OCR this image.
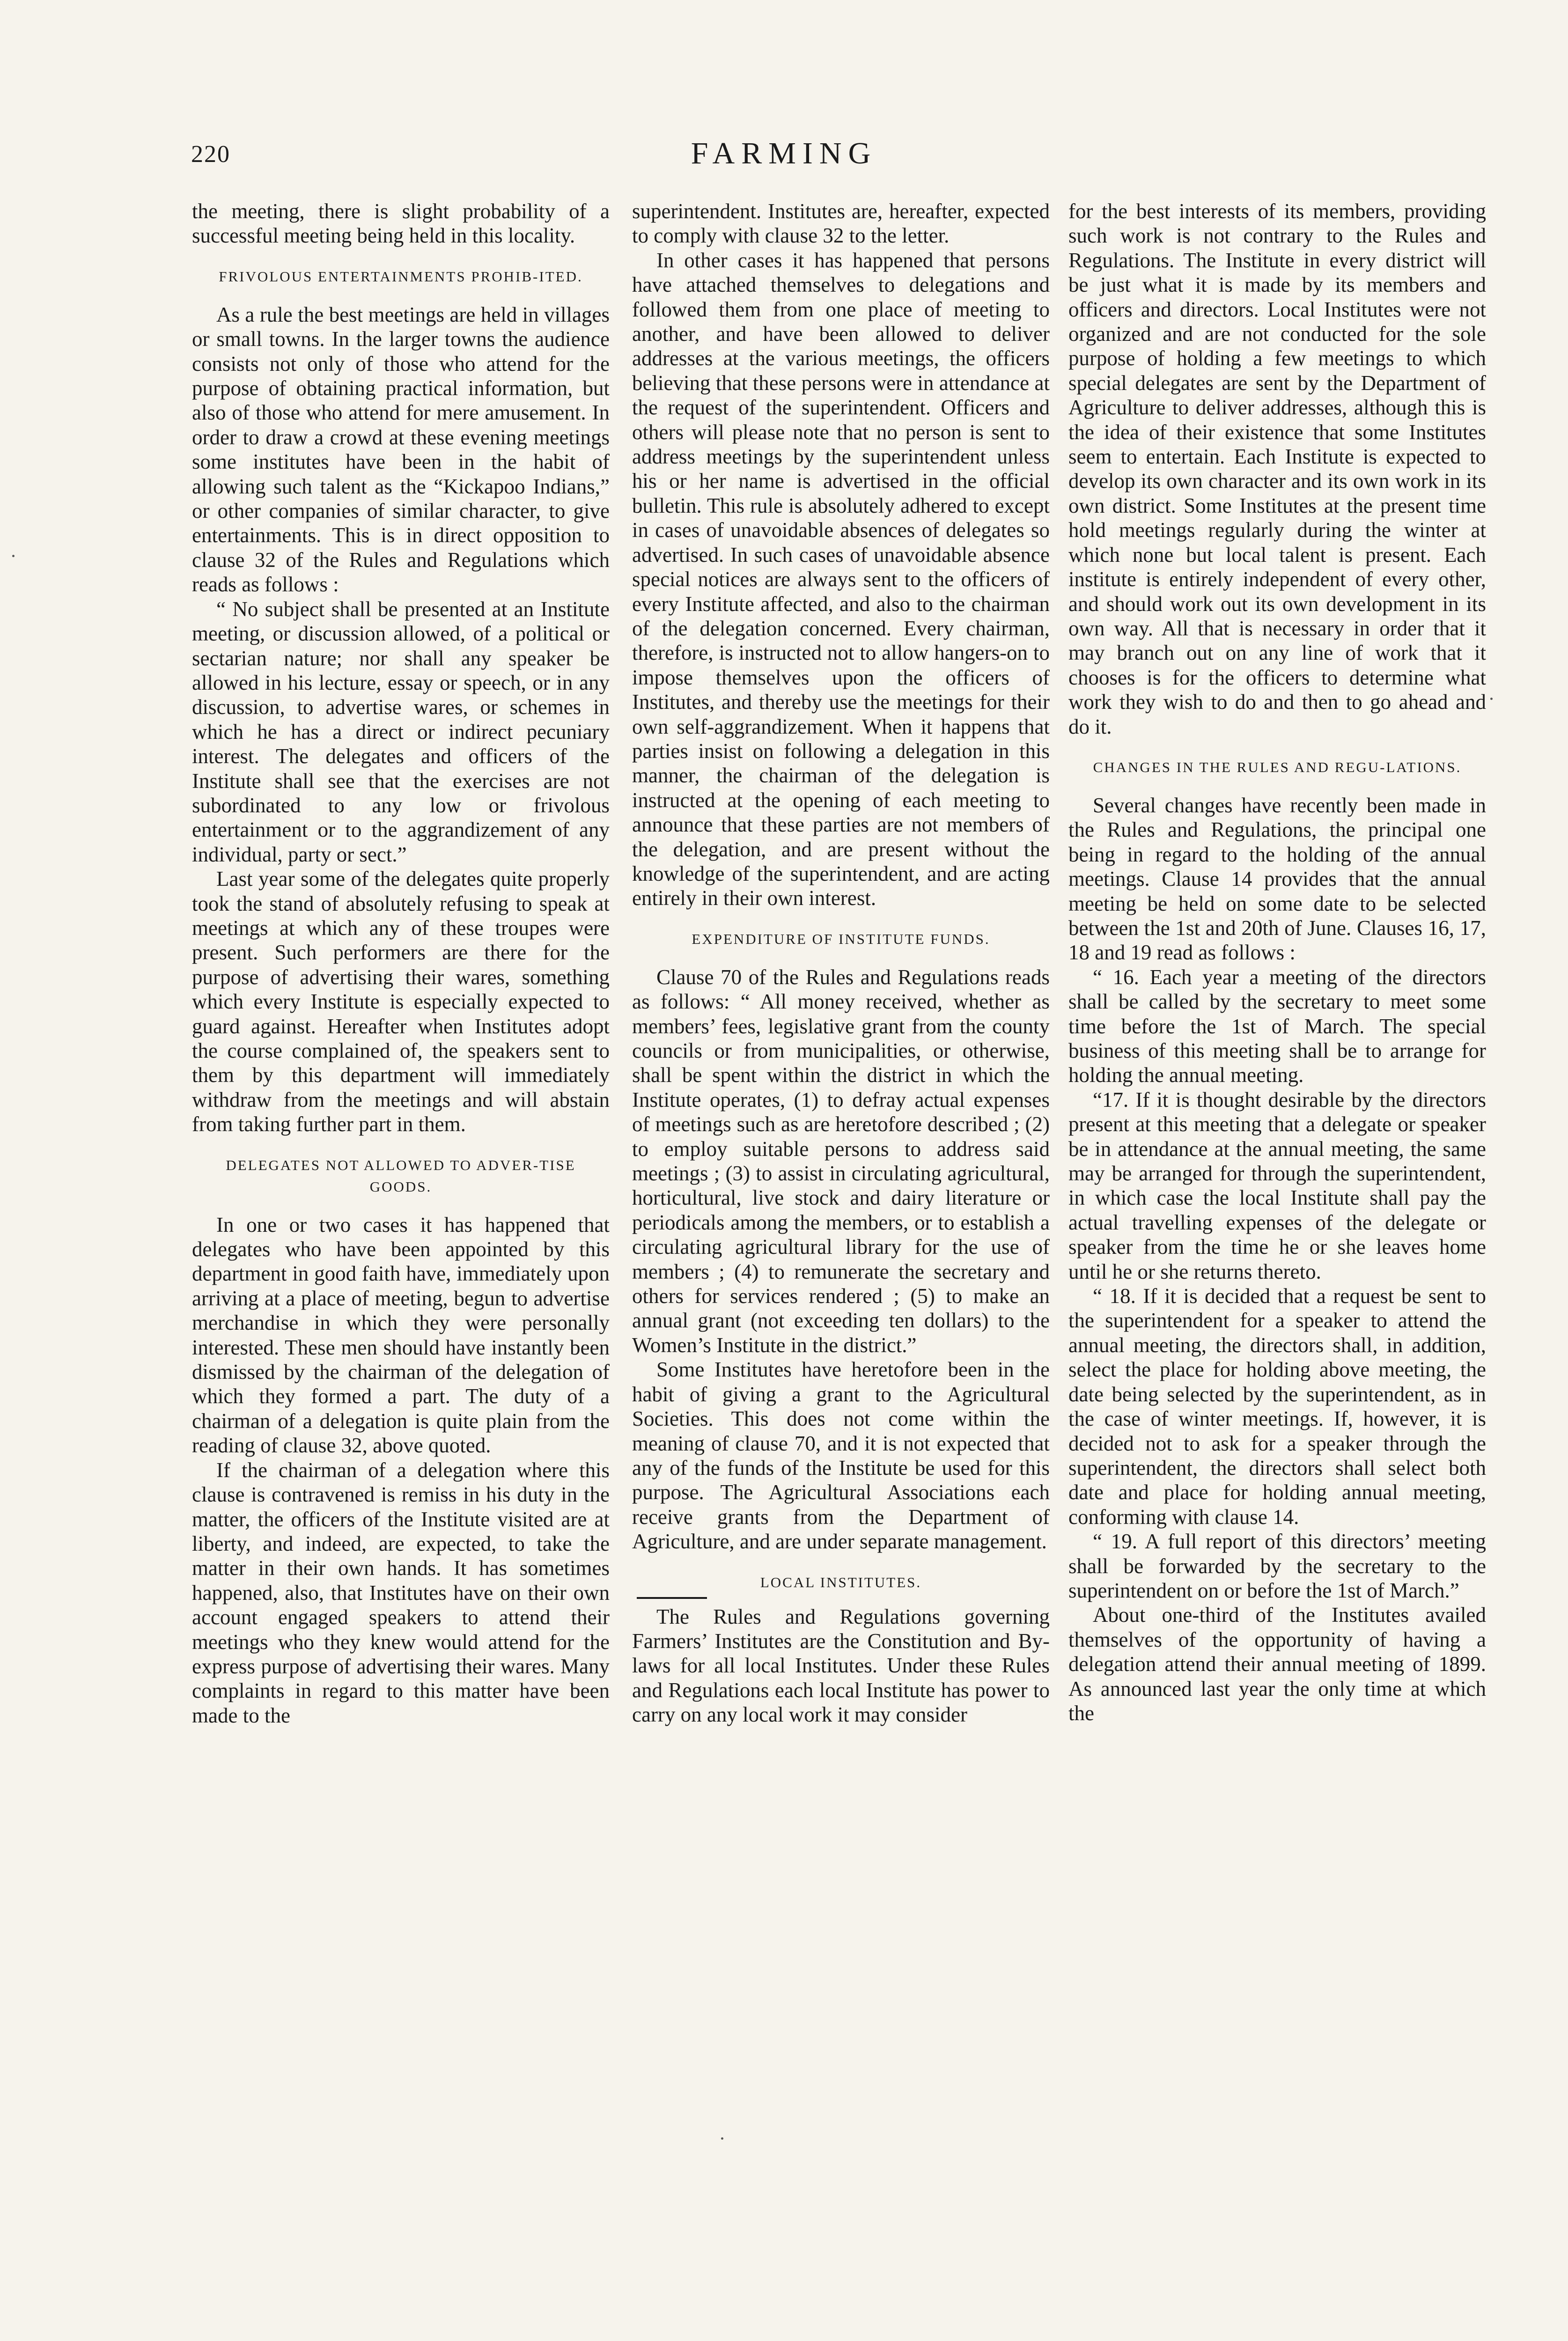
220	FARMING

the meeting, there is slight probability of a successful meeting being held in this locality.

FRIVOLOUS ENTERTAINMENTS PROHIB-ITED.

As a rule the best meetings are held in villages or small towns. In the larger towns the audience consists not only of those who attend for the purpose of obtaining practical information, but also of those who attend for mere amusement. In order to draw a crowd at these evening meetings some institutes have been in the habit of allowing such talent as the “Kickapoo Indians,” or other companies of similar character, to give entertainments. This is in direct opposition to clause 32 of the Rules and Regulations which reads as follows :

“ No subject shall be presented at an Institute meeting, or discussion allowed, of a political or sectarian nature; nor shall any speaker be allowed in his lecture, essay or speech, or in any discussion, to advertise wares, or schemes in which he has a direct or indirect pecuniary interest. The delegates and officers of the Institute shall see that the exercises are not subordinated to any low or frivolous entertainment or to the aggrandizement of any individual, party or sect.”

Last year some of the delegates quite properly took the stand of absolutely refusing to speak at meetings at which any of these troupes were present. Such performers are there for the purpose of advertising their wares, something which every Institute is especially expected to guard against. Hereafter when Institutes adopt the course complained of, the speakers sent to them by this department will immediately withdraw from the meetings and will abstain from taking further part in them.

DELEGATES NOT ALLOWED TO ADVER-TISE GOODS.

In one or two cases it has happened that delegates who have been appointed by this department in good faith have, immediately upon arriving at a place of meeting, begun to advertise merchandise in which they were personally interested. These men should have instantly been dismissed by the chairman of the delegation of which they formed a part. The duty of a chairman of a delegation is quite plain from the reading of clause 32, above quoted.

If the chairman of a delegation where this clause is contravened is remiss in his duty in the matter, the officers of the Institute visited are at liberty, and indeed, are expected, to take the matter in their own hands. It has sometimes happened, also, that Institutes have on their own account engaged speakers to attend their meetings who they knew would attend for the express purpose of advertising their wares. Many complaints in regard to this matter have been made to the

superintendent. Institutes are, hereafter, expected to comply with clause 32 to the letter.

In other cases it has happened that persons have attached themselves to delegations and followed them from one place of meeting to another, and have been allowed to deliver addresses at the various meetings, the officers believing that these persons were in attendance at the request of the superintendent. Officers and others will please note that no person is sent to address meetings by the superintendent unless his or her name is advertised in the official bulletin. This rule is absolutely adhered to except in cases of unavoidable absences of delegates so advertised. In such cases of unavoidable absence special notices are always sent to the officers of every Institute affected, and also to the chairman of the delegation concerned. Every chairman, therefore, is instructed not to allow hangers-on to impose themselves upon the officers of Institutes, and thereby use the meetings for their own self-aggrandizement. When it happens that parties insist on following a delegation in this manner, the chairman of the delegation is instructed at the opening of each meeting to announce that these parties are not members of the delegation, and are present without the knowledge of the superintendent, and are acting entirely in their own interest.

EXPENDITURE OF INSTITUTE FUNDS.

Clause 70 of the Rules and Regulations reads as follows: “ All money received, whether as members’ fees, legislative grant from the county councils or from municipalities, or otherwise, shall be spent within the district in which the Institute operates, (1) to defray actual expenses of meetings such as are heretofore described ; (2) to employ suitable persons to address said meetings ; (3) to assist in circulating agricultural, horticultural, live stock and dairy literature or periodicals among the members, or to establish a circulating agricultural library for the use of members ; (4) to remunerate the secretary and others for services rendered ; (5) to make an annual grant (not exceeding ten dollars) to the Women’s Institute in the district.”

Some Institutes have heretofore been in the habit of giving a grant to the Agricultural Societies. This does not come within the meaning of clause 70, and it is not expected that any of the funds of the Institute be used for this purpose. The Agricultural Associations each receive grants from the Department of Agriculture, and are under separate management.

LOCAL INSTITUTES.

The Rules and Regulations governing Farmers’ Institutes are the Constitution and By-laws for all local Institutes. Under these Rules and Regulations each local Institute has power to carry on any local work it may consider

for the best interests of its members, providing such work is not contrary to the Rules and Regulations. The Institute in every district will be just what it is made by its members and officers and directors. Local Institutes were not organized and are not conducted for the sole purpose of holding a few meetings to which special delegates are sent by the Department of Agriculture to deliver addresses, although this is the idea of their existence that some Institutes seem to entertain. Each Institute is expected to develop its own character and its own work in its own district. Some Institutes at the present time hold meetings regularly during the winter at which none but local talent is present. Each institute is entirely independent of every other, and should work out its own development in its own way. All that is necessary in order that it may branch out on any line of work that it chooses is for the officers to determine what work they wish to do and then to go ahead and do it.

CHANGES IN THE RULES AND REGU-LATIONS.

Several changes have recently been made in the Rules and Regulations, the principal one being in regard to the holding of the annual meetings. Clause 14 provides that the annual meeting be held on some date to be selected between the 1st and 20th of June. Clauses 16, 17, 18 and 19 read as follows :

“ 16. Each year a meeting of the directors shall be called by the secretary to meet some time before the 1st of March. The special business of this meeting shall be to arrange for holding the annual meeting.

“17. If it is thought desirable by the directors present at this meeting that a delegate or speaker be in attendance at the annual meeting, the same may be arranged for through the superintendent, in which case the local Institute shall pay the actual travelling expenses of the delegate or speaker from the time he or she leaves home until he or she returns thereto.

“ 18. If it is decided that a request be sent to the superintendent for a speaker to attend the annual meeting, the directors shall, in addition, select the place for holding above meeting, the date being selected by the superintendent, as in the case of winter meetings. If, however, it is decided not to ask for a speaker through the superintendent, the directors shall select both date and place for holding annual meeting, conforming with clause 14.

“ 19. A full report of this directors’ meeting shall be forwarded by the secretary to the superintendent on or before the 1st of March.”

About one-third of the Institutes availed themselves of the opportunity of having a delegation attend their annual meeting of 1899. As announced last year the only time at which the
